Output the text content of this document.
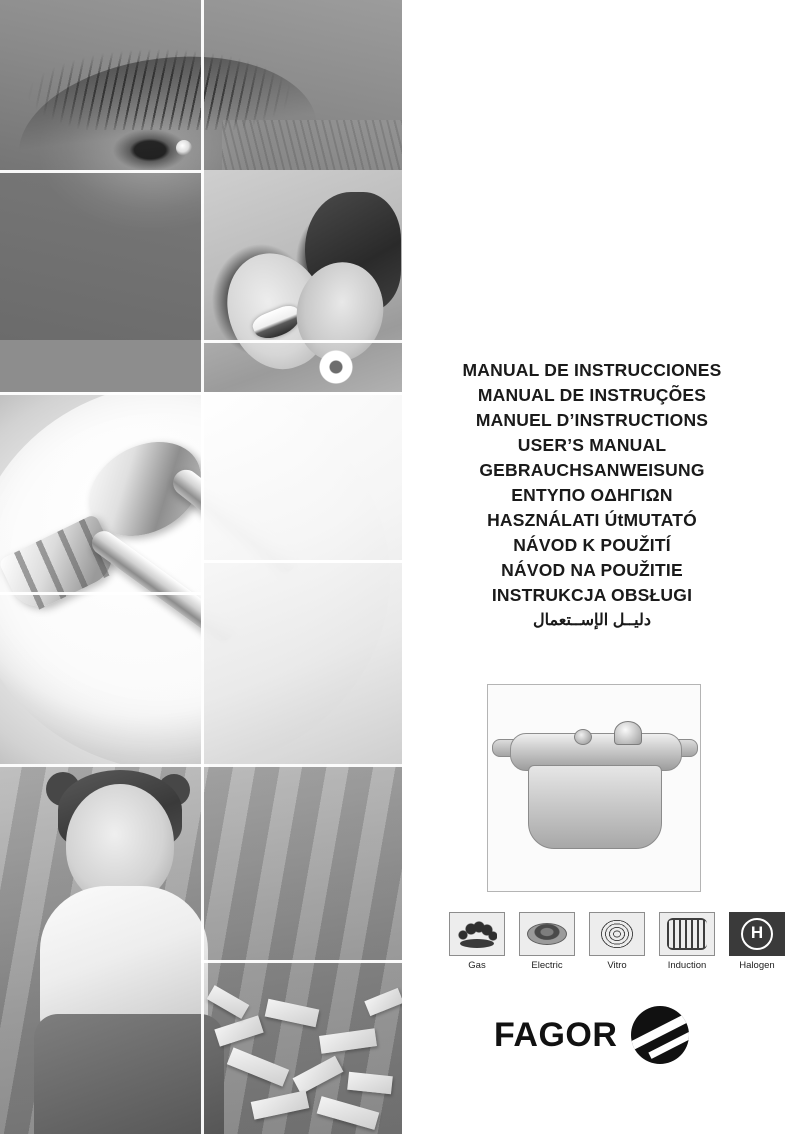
MANUAL DE INSTRUCCIONES
MANUAL DE INSTRUÇÕES
MANUEL D’INSTRUCTIONS
USER’S MANUAL
GEBRAUCHSANWEISUNG
ENTYΠO OΔHΓIΩN
HASZNÁLATI ÚtMUTATÓ
NÁVOD K POUŽITÍ
NÁVOD NA POUŽITIE
INSTRUKCJA OBSŁUGI
دليــل الإســتعمال
Gas	Electric	Vitro	Induction
H
Halogen
FAGOR
